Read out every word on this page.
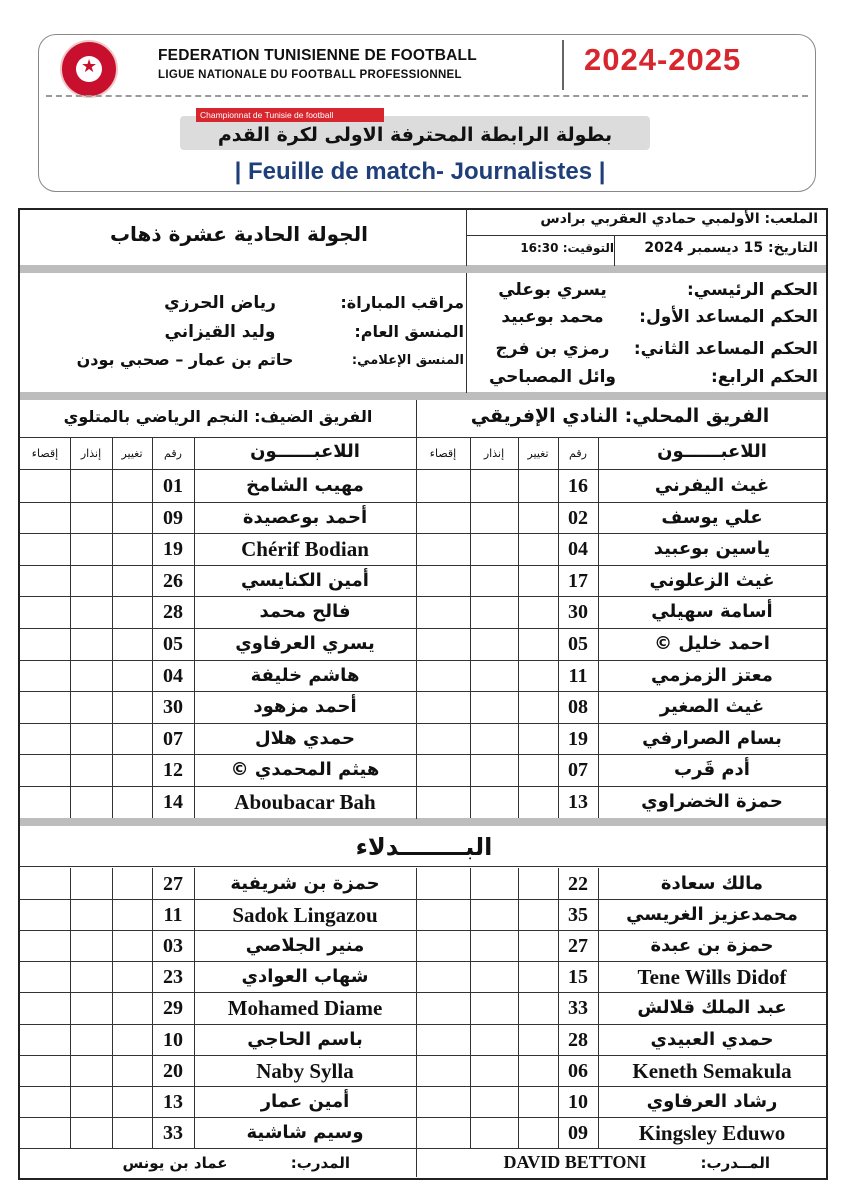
★
FEDERATION TUNISIENNE DE FOOTBALL
LIGUE NATIONALE DU FOOTBALL PROFESSIONNEL	2024-2025
بطولة الرابطة المحترفة الاولى لكرة القدم
Championnat de Tunisie de football
| Feuille de match- Journalistes |
اللاعبــــــون
رقم
تغيير
إنذار
إقصاء
اللاعبــــــون
رقم
تغيير
إنذار
إقصاء
غيث اليفرني
16
علي يوسف
02
ياسين بوعبيد
04
غيث الزعلوني
17
أسامة سهيلي
30
احمد خليل ©
05
معتز الزمزمي
11
غيث الصغير
08
بسام الصرارفي
19
أدم قَرب
07
حمزة الخضراوي
13
مهيب الشامخ
01
أحمد بوعصيدة
09
Chérif Bodian
19
أمين الكنايسي
26
فالح محمد
28
يسري العرفاوي
05
هاشم خليفة
04
أحمد مزهود
30
حمدي هلال
07
هيثم المحمدي ©
12
Aboubacar Bah
14
مالك سعادة
22
محمدعزيز الغريسي
35
حمزة بن عبدة
27
Tene Wills Didof
15
عبد الملك قلالش
33
حمدي العبيدي
28
Keneth Semakula
06
رشاد العرفاوي
10
Kingsley Eduwo
09
حمزة بن شريفية
27
Sadok Lingazou
11
منير الجلاصي
03
شهاب العوادي
23
Mohamed Diame
29
باسم الحاجي
10
Naby Sylla
20
أمين عمار
13
وسيم شاشية
33
الجولة الحادية عشرة ذهاب
الملعب: الأولمبي حمادي العقربي برادس
التاريخ: 15 ديسمبر 2024
التوقيت: 16:30
الحكم الرئيسي:
يسري بوعلي
الحكم المساعد الأول:
محمد بوعبيد
الحكم المساعد الثاني:
رمزي بن فرج
الحكم الرابع:
وائل المصباحي
مراقب المباراة:
رياض الحرزي
المنسق العام:
وليد القيزاني
المنسق الإعلامي:
حاتم بن عمار – صحبي بودن
الفريق المحلي: النادي الإفريقي
الفريق الضيف: النجم الرياضي بالمتلوي
البــــــــدلاء
المــدرب:
DAVID BETTONI
المدرب:
عماد بن يونس
